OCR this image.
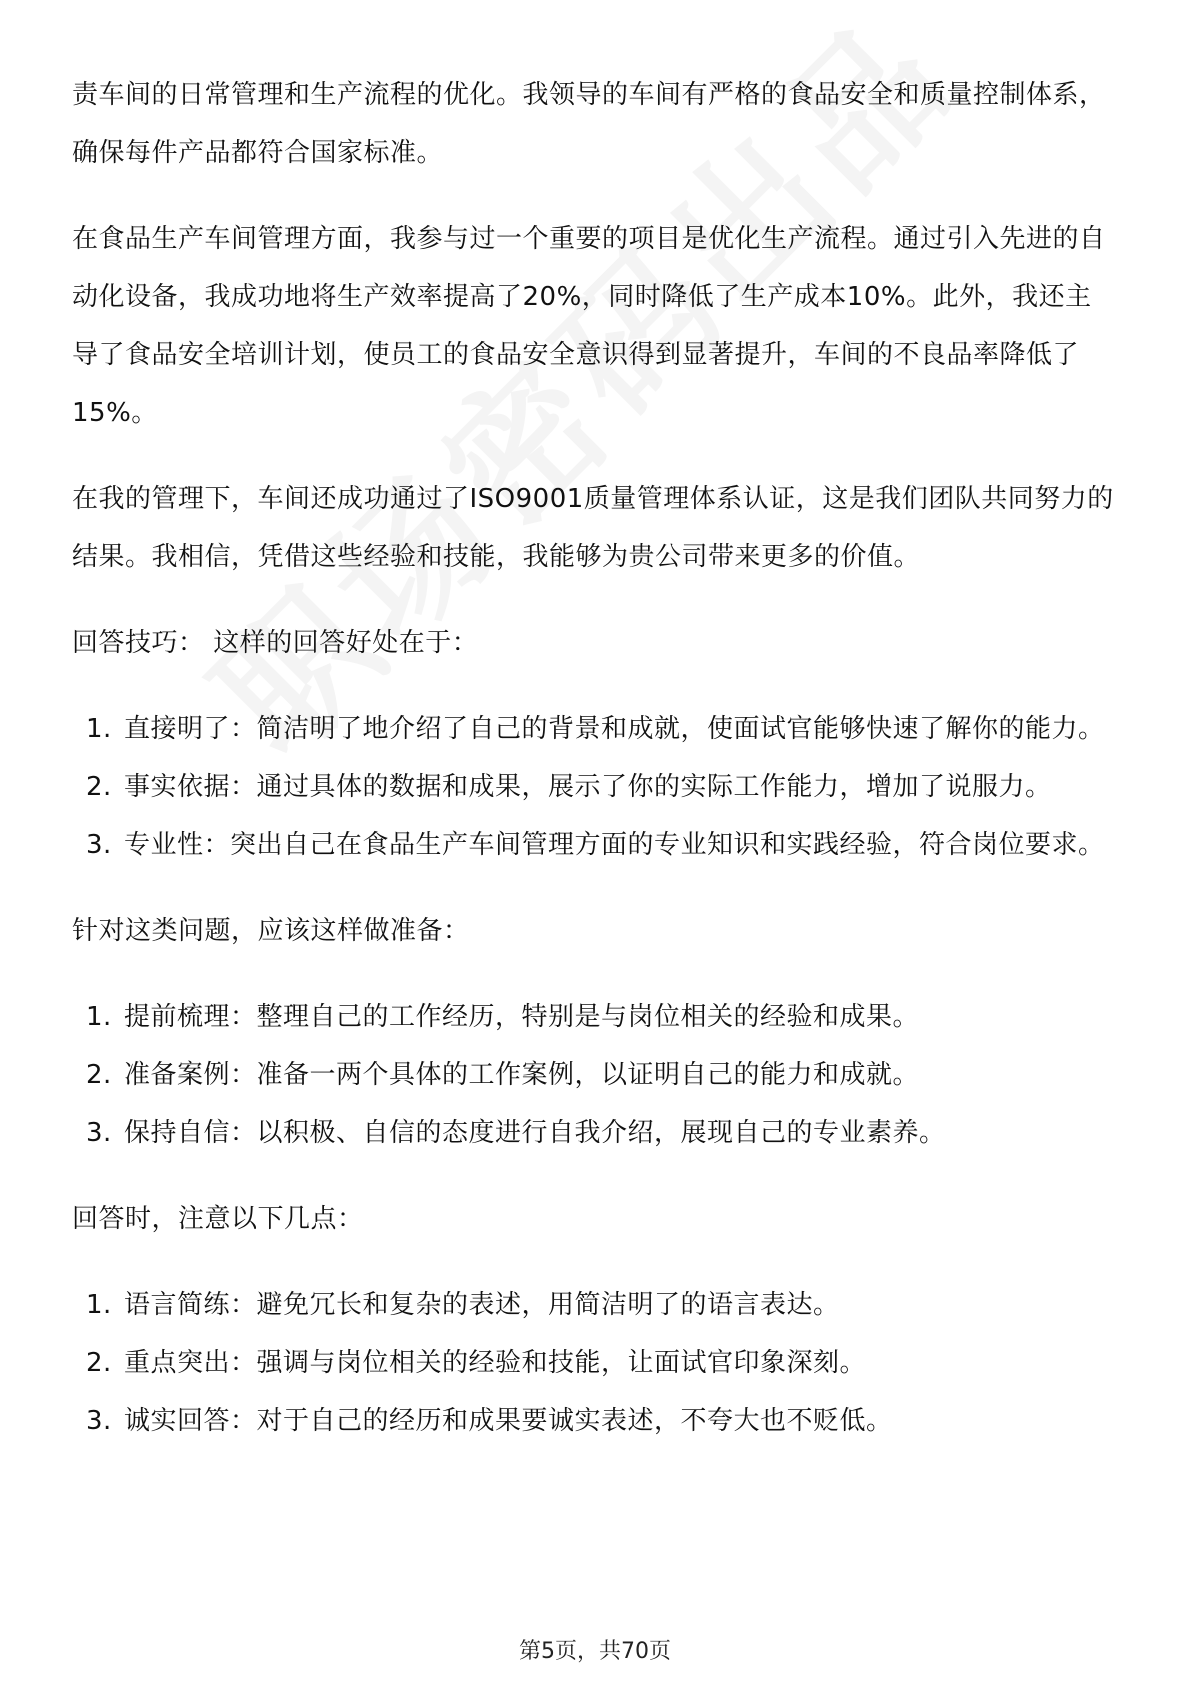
责车间的日常管理和生产流程的优化。我领导的车间有严格的食品安全和质量控制体系，确保每件产品都符合国家标准。

在食品生产车间管理方面，我参与过一个重要的项目是优化生产流程。通过引入先进的自动化设备，我成功地将生产效率提高了20%，同时降低了生产成本10%。此外，我还主导了食品安全培训计划，使员工的食品安全意识得到显著提升，车间的不良品率降低了15%。

在我的管理下，车间还成功通过了ISO9001质量管理体系认证，这是我们团队共同努力的结果。我相信，凭借这些经验和技能，我能够为贵公司带来更多的价值。

回答技巧： 这样的回答好处在于：

1. 直接明了：简洁明了地介绍了自己的背景和成就，使面试官能够快速了解你的能力。
2. 事实依据：通过具体的数据和成果，展示了你的实际工作能力，增加了说服力。
3. 专业性：突出自己在食品生产车间管理方面的专业知识和实践经验，符合岗位要求。

针对这类问题，应该这样做准备：

1. 提前梳理：整理自己的工作经历，特别是与岗位相关的经验和成果。
2. 准备案例：准备一两个具体的工作案例，以证明自己的能力和成就。
3. 保持自信：以积极、自信的态度进行自我介绍，展现自己的专业素养。

回答时，注意以下几点：

1. 语言简练：避免冗长和复杂的表述，用简洁明了的语言表达。
2. 重点突出：强调与岗位相关的经验和技能，让面试官印象深刻。
3. 诚实回答：对于自己的经历和成果要诚实表述，不夸大也不贬低。
第5页，共70页
